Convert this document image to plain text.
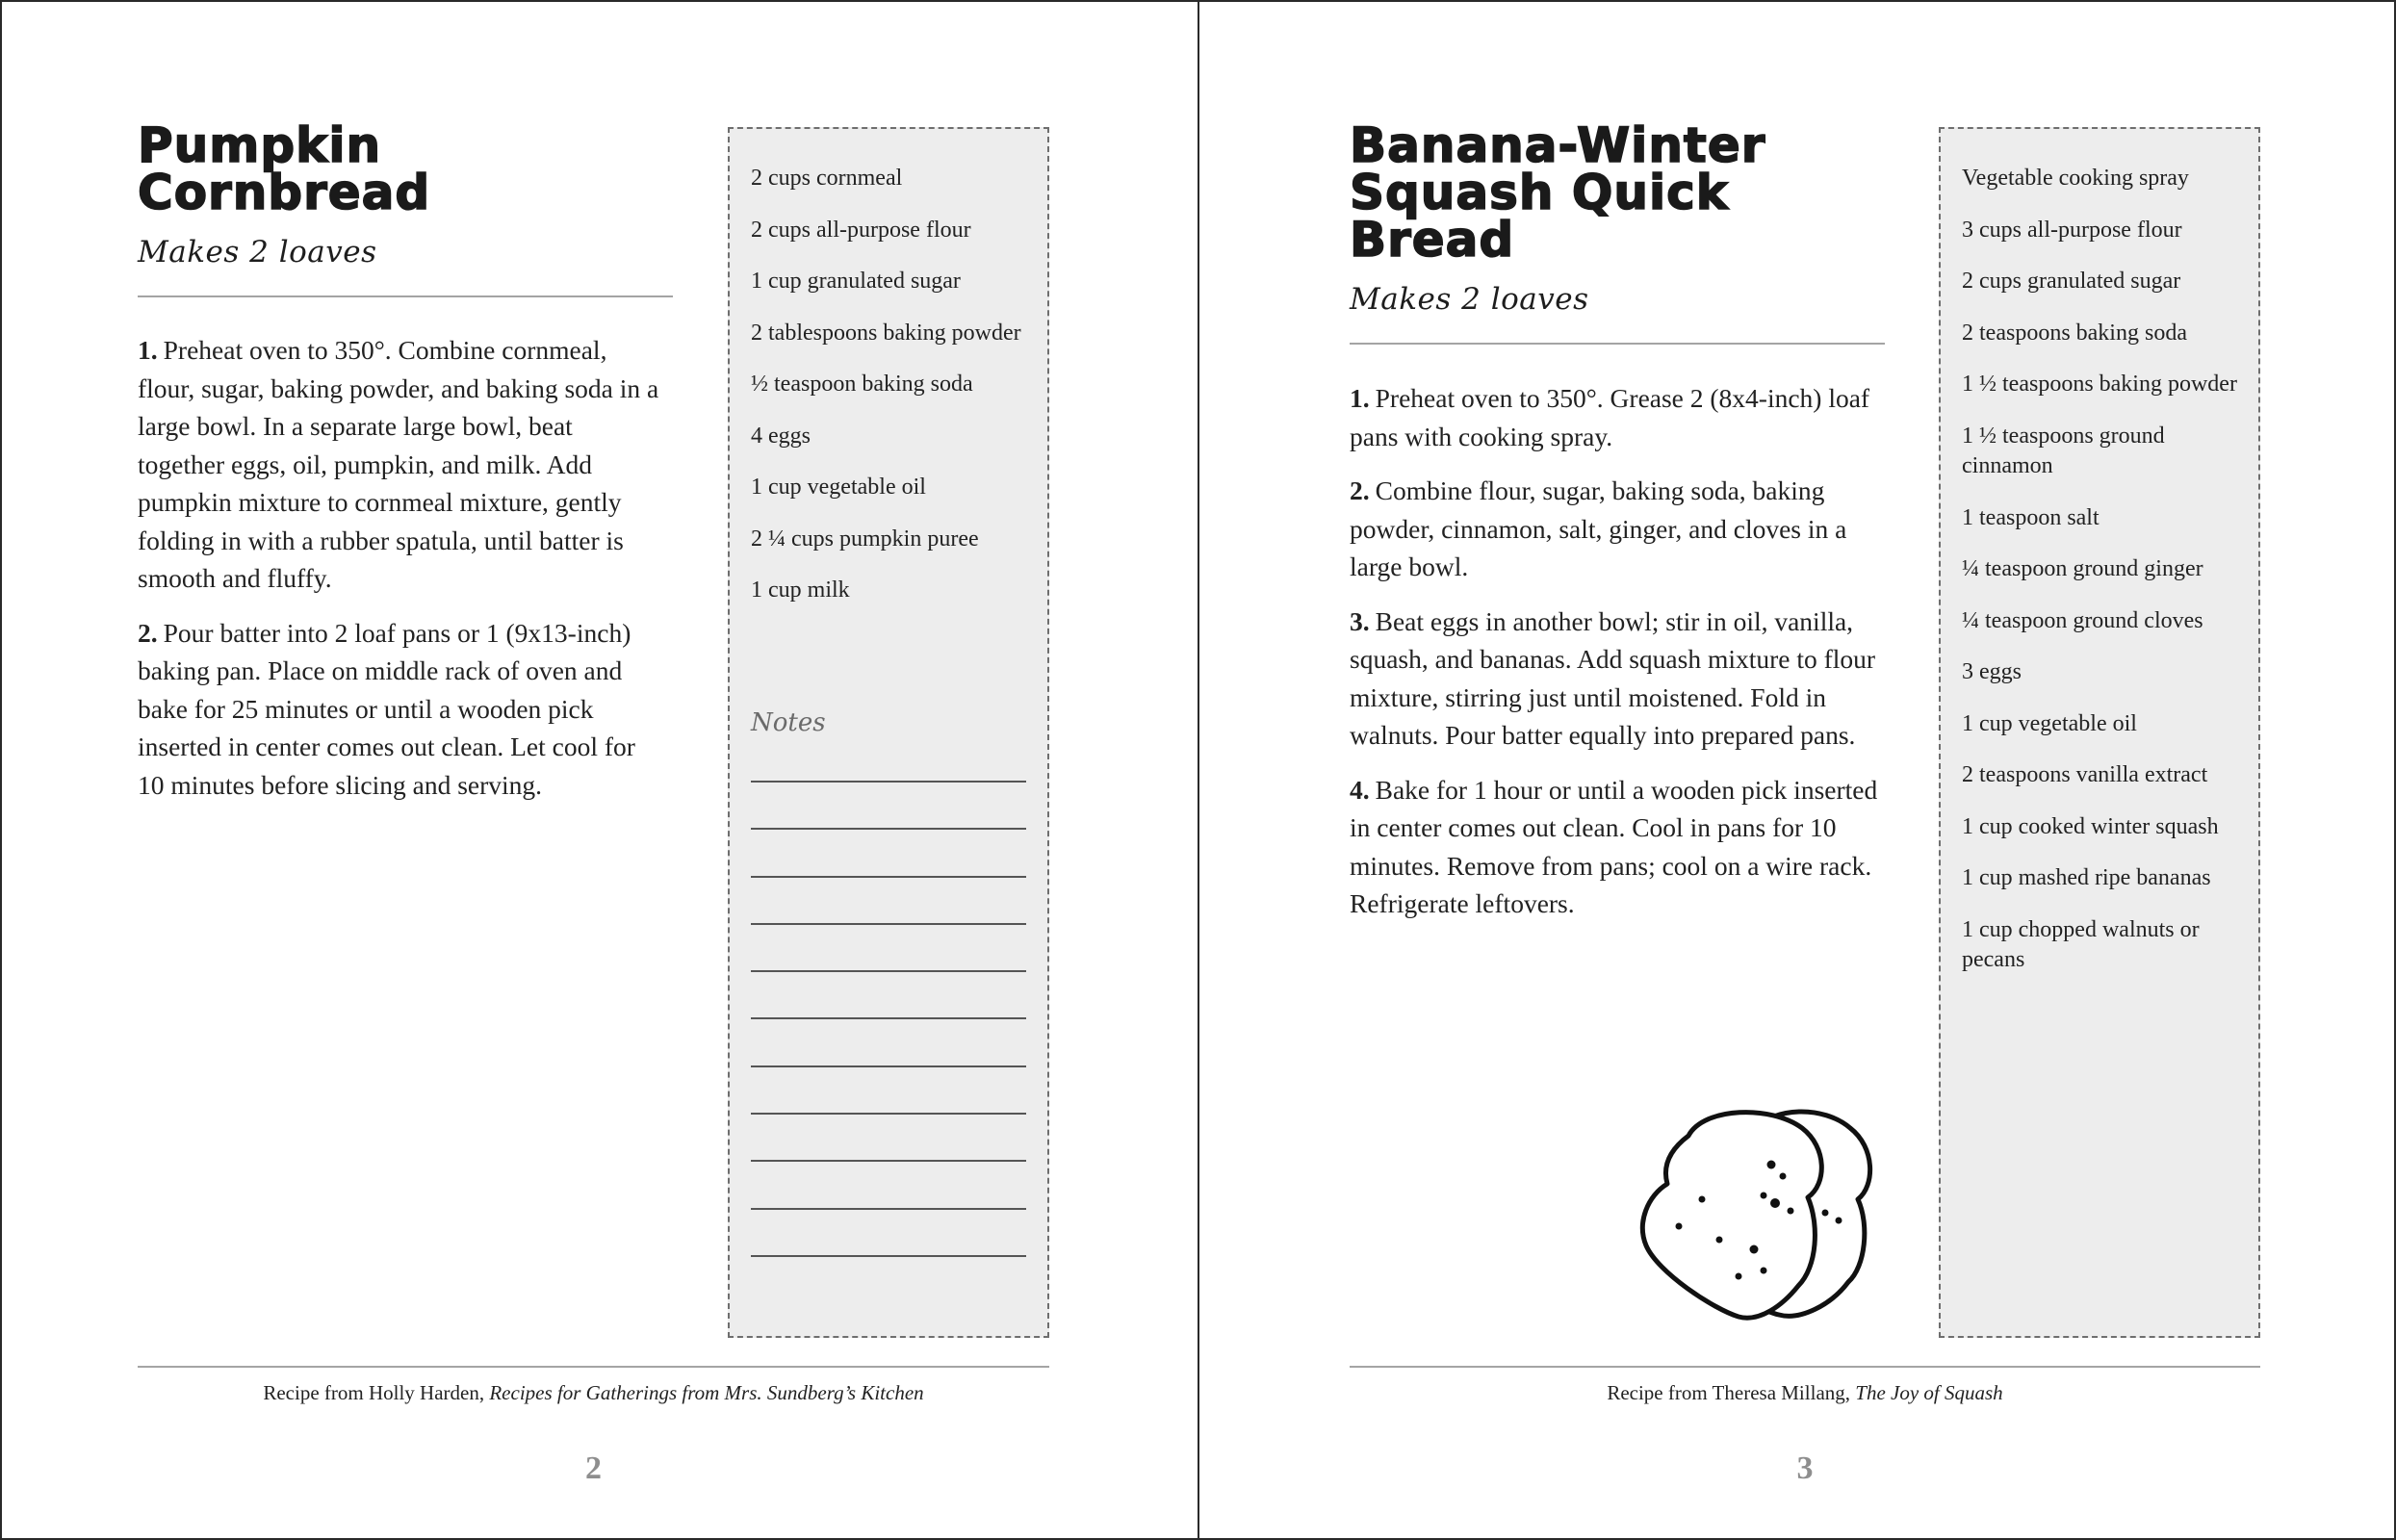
Pumpkin
Cornbread
Makes 2 loaves

1. Preheat oven to 350°. Combine cornmeal, flour, sugar, baking powder, and baking soda in a large bowl. In a separate large bowl, beat together eggs, oil, pumpkin, and milk. Add pumpkin mixture to cornmeal mixture, gently folding in with a rubber spatula, until batter is smooth and fluffy.

2. Pour batter into 2 loaf pans or 1 (9x13-inch) baking pan. Place on middle rack of oven and bake for 25 minutes or until a wooden pick inserted in center comes out clean. Let cool for 10 minutes before slicing and serving.

2 cups cornmeal
2 cups all-purpose flour
1 cup granulated sugar
2 tablespoons baking powder
½ teaspoon baking soda
4 eggs
1 cup vegetable oil
2 ¼ cups pumpkin puree
1 cup milk
Notes
Recipe from Holly Harden, Recipes for Gatherings from Mrs. Sundberg’s Kitchen
2
Banana-Winter
Squash Quick
Bread
Makes 2 loaves

1. Preheat oven to 350°. Grease 2 (8x4-inch) loaf pans with cooking spray.

2. Combine flour, sugar, baking soda, baking powder, cinnamon, salt, ginger, and cloves in a large bowl.

3. Beat eggs in another bowl; stir in oil, vanilla, squash, and bananas. Add squash mixture to flour mixture, stirring just until moistened. Fold in walnuts. Pour batter equally into prepared pans.

4. Bake for 1 hour or until a wooden pick inserted in center comes out clean. Cool in pans for 10 minutes. Remove from pans; cool on a wire rack. Refrigerate leftovers.

Vegetable cooking spray
3 cups all-purpose flour
2 cups granulated sugar
2 teaspoons baking soda
1 ½ teaspoons baking powder
1 ½ teaspoons ground cinnamon
1 teaspoon salt
¼ teaspoon ground ginger
¼ teaspoon ground cloves
3 eggs
1 cup vegetable oil
2 teaspoons vanilla extract
1 cup cooked winter squash
1 cup mashed ripe bananas
1 cup chopped walnuts or pecans
Recipe from Theresa Millang, The Joy of Squash
3
